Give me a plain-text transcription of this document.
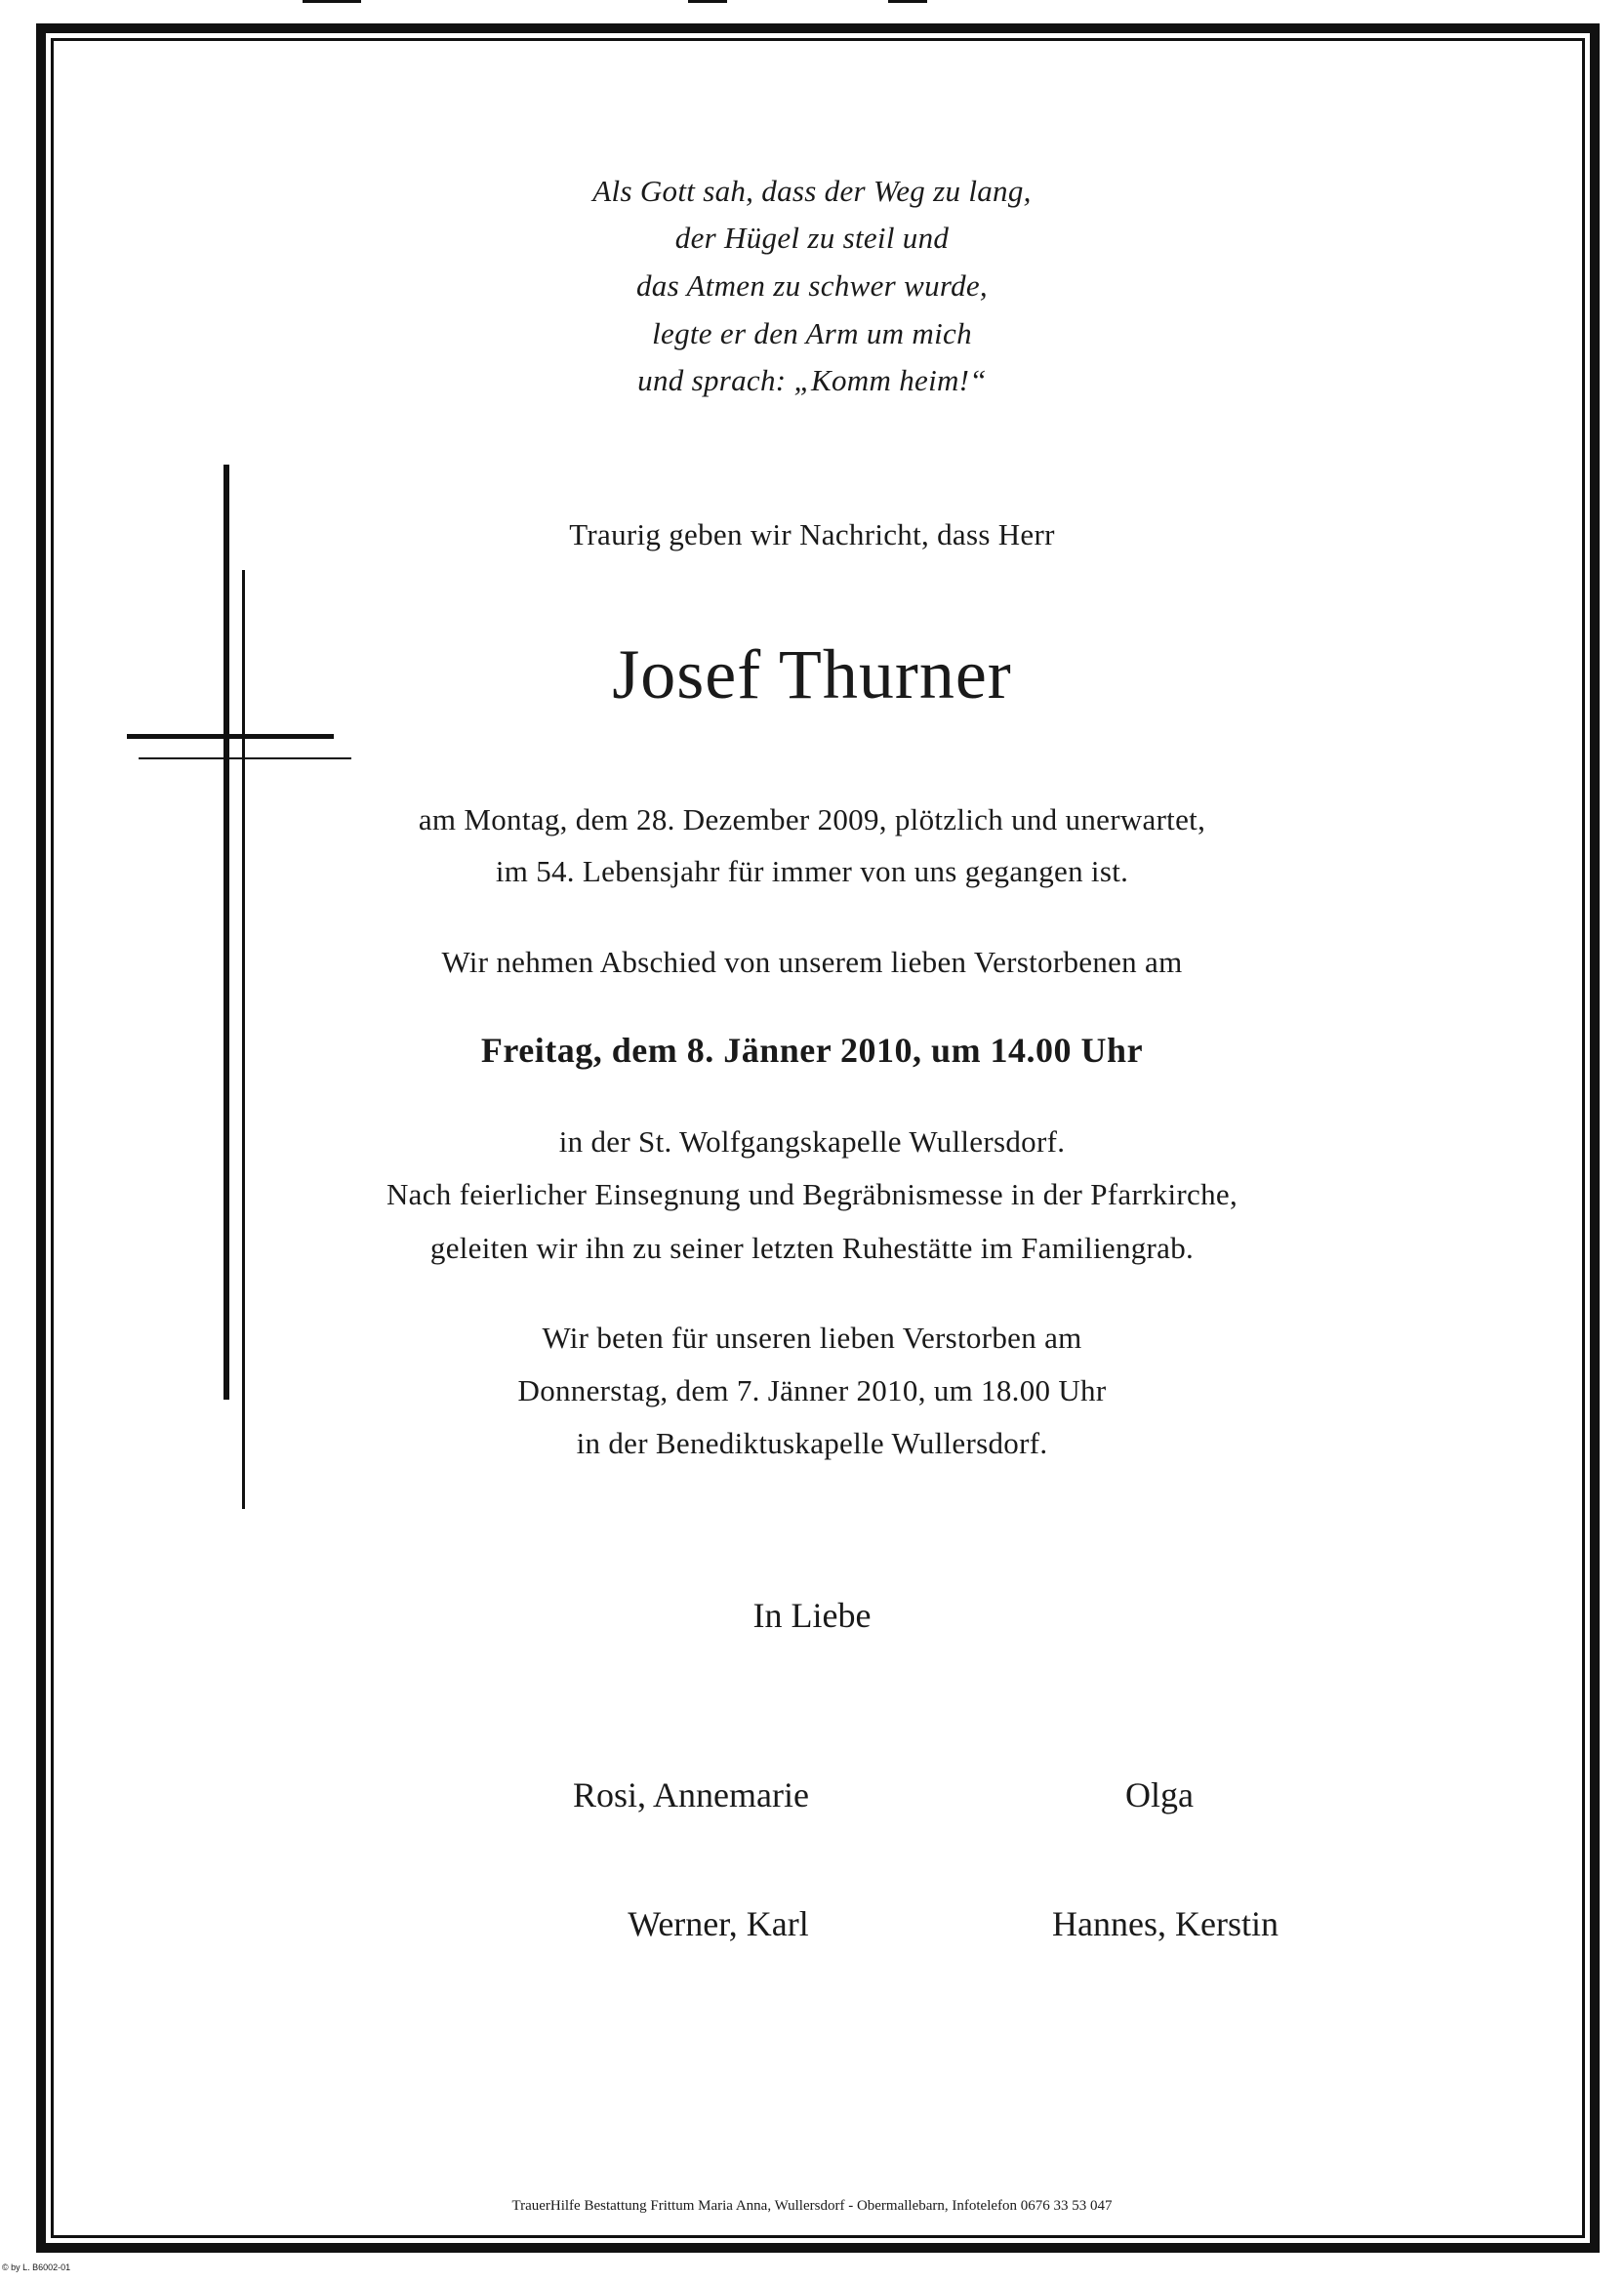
Als Gott sah, dass der Weg zu lang,
der Hügel zu steil und
das Atmen zu schwer wurde,
legte er den Arm um mich
und sprach: „Komm heim!“
Traurig geben wir Nachricht, dass Herr
Josef Thurner
am Montag, dem 28. Dezember 2009, plötzlich und unerwartet,
im 54. Lebensjahr für immer von uns gegangen ist.
Wir nehmen Abschied von unserem lieben Verstorbenen am
Freitag, dem 8. Jänner 2010, um 14.00 Uhr
in der St. Wolfgangskapelle Wullersdorf.
Nach feierlicher Einsegnung und Begräbnismesse in der Pfarrkirche,
geleiten wir ihn zu seiner letzten Ruhestätte im Familiengrab.
Wir beten für unseren lieben Verstorben am
Donnerstag, dem 7. Jänner 2010, um 18.00 Uhr
in der Benediktuskapelle Wullersdorf.
In Liebe
Rosi, Annemarie	Olga
Werner, Karl	Hannes, Kerstin
TrauerHilfe Bestattung Frittum Maria Anna, Wullersdorf - Obermallebarn, Infotelefon 0676 33 53 047
© by L. B6002-01
